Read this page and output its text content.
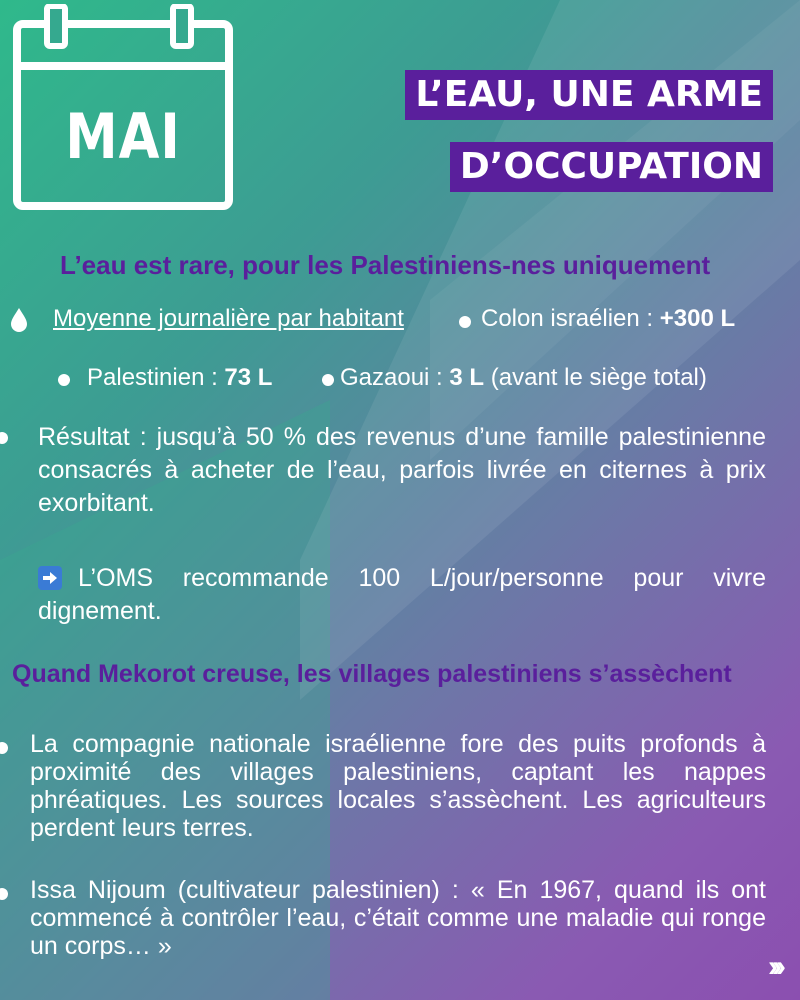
MAI
L’EAU, UNE ARME
D’OCCUPATION
L’eau est rare, pour les Palestiniens-nes uniquement
Moyenne journalière par habitant	Colon israélien : +300 L
Palestinien : 73 L	Gazaoui : 3 L (avant le siège total)
Résultat : jusqu’à 50 % des revenus d’une famille palestinienne consacrés à acheter de l’eau, parfois livrée en citernes à prix exorbitant.
L’OMS recommande 100 L/jour/personne pour vivre
dignement.
Quand Mekorot creuse, les villages palestiniens s’assèchent
La compagnie nationale israélienne fore des puits profonds à proximité des villages palestiniens, captant les nappes phréatiques. Les sources locales s’assèchent. Les agriculteurs perdent leurs terres.
Issa Nijoum (cultivateur palestinien) : « En 1967, quand ils ont commencé à contrôler l’eau, c’était comme une maladie qui ronge un corps… »
›››
